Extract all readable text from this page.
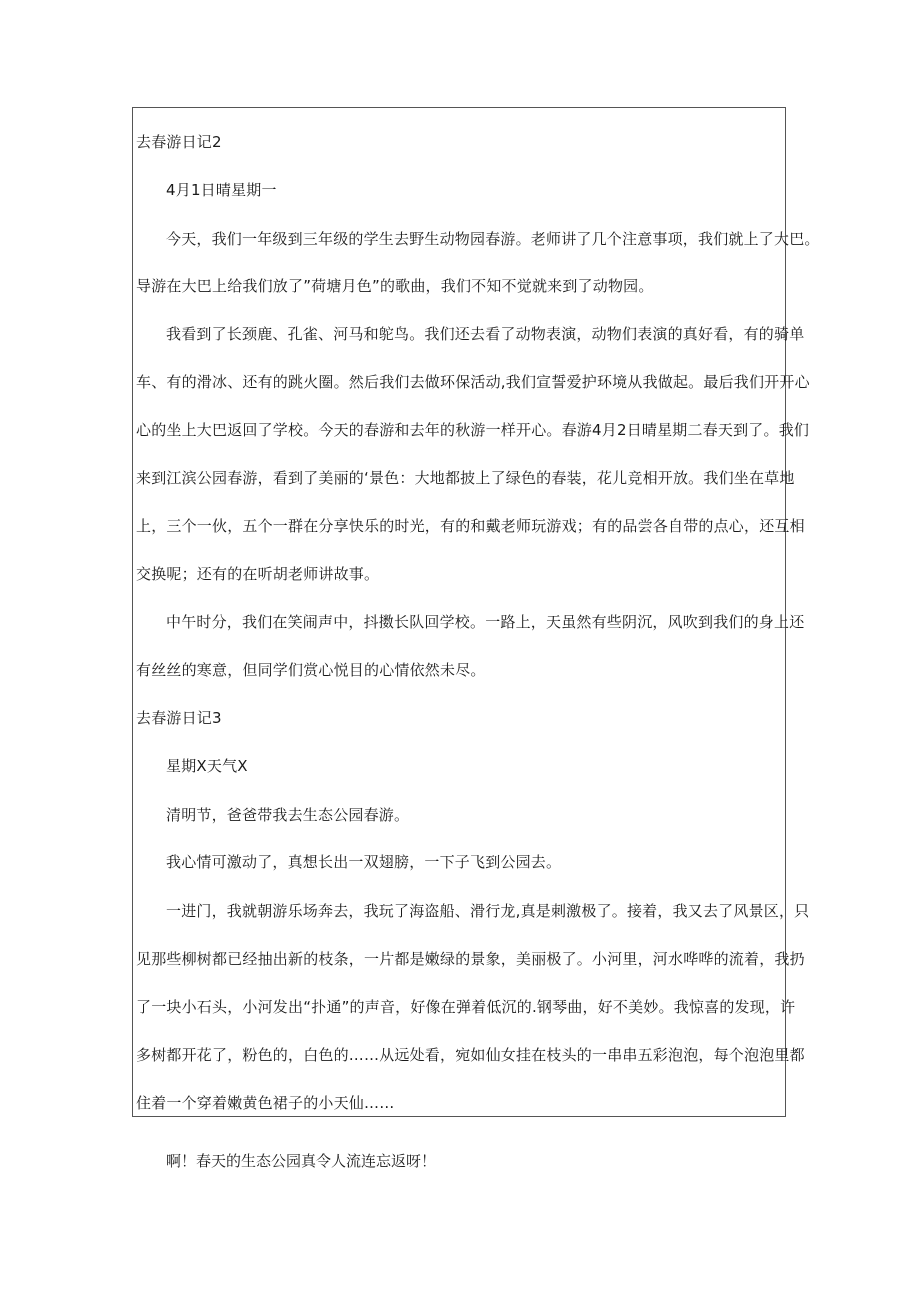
去春游日记2
4月1日晴星期一
今天，我们一年级到三年级的学生去野生动物园春游。老师讲了几个注意事项，我们就上了大巴。
导游在大巴上给我们放了”荷塘月色”的歌曲，我们不知不觉就来到了动物园。
我看到了长颈鹿、孔雀、河马和鸵鸟。我们还去看了动物表演，动物们表演的真好看，有的骑单
车、有的滑冰、还有的跳火圈。然后我们去做环保活动,我们宣誓爱护环境从我做起。最后我们开开心
心的坐上大巴返回了学校。今天的春游和去年的秋游一样开心。春游4月2日晴星期二春天到了。我们
来到江滨公园春游，看到了美丽的‘景色：大地都披上了绿色的春装，花儿竞相开放。我们坐在草地
上，三个一伙，五个一群在分享快乐的时光，有的和戴老师玩游戏；有的品尝各自带的点心，还互相
交换呢；还有的在听胡老师讲故事。
中午时分，我们在笑闹声中，抖擞长队回学校。一路上，天虽然有些阴沉，风吹到我们的身上还
有丝丝的寒意，但同学们赏心悦目的心情依然未尽。
去春游日记3
星期X天气X
清明节，爸爸带我去生态公园春游。
我心情可激动了，真想长出一双翅膀，一下子飞到公园去。
一进门，我就朝游乐场奔去，我玩了海盗船、滑行龙,真是刺激极了。接着，我又去了风景区，只
见那些柳树都已经抽出新的枝条，一片都是嫩绿的景象，美丽极了。小河里，河水哗哗的流着，我扔
了一块小石头，小河发出“扑通”的声音，好像在弹着低沉的.钢琴曲，好不美妙。我惊喜的发现，许
多树都开花了，粉色的，白色的……从远处看，宛如仙女挂在枝头的一串串五彩泡泡，每个泡泡里都
住着一个穿着嫩黄色裙子的小天仙……
啊！春天的生态公园真令人流连忘返呀！
